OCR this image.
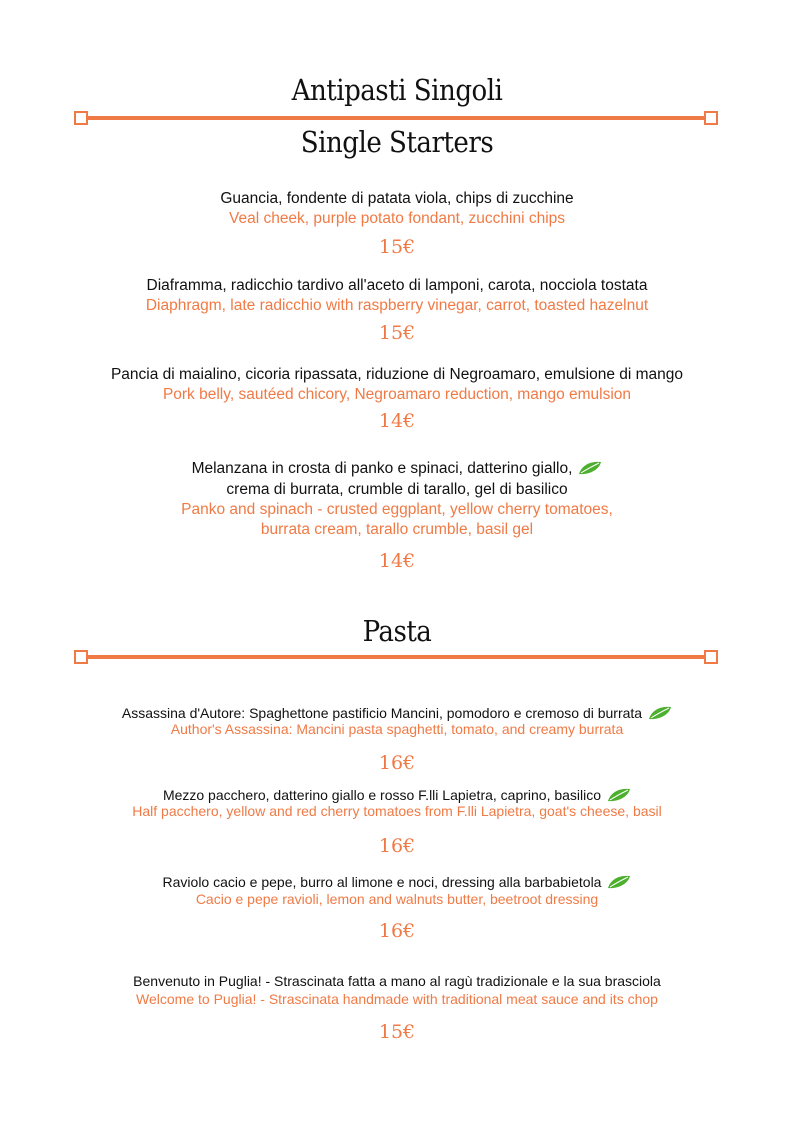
Antipasti Singoli
Single Starters
Guancia, fondente di patata viola, chips di zucchine
Veal cheek, purple potato fondant, zucchini chips
15€
Diaframma, radicchio tardivo all'aceto di lamponi, carota, nocciola tostata
Diaphragm, late radicchio with raspberry vinegar, carrot, toasted hazelnut
15€
Pancia di maialino, cicoria ripassata, riduzione di Negroamaro, emulsione di mango
Pork belly, sautéed chicory, Negroamaro reduction, mango emulsion
14€
Melanzana in crosta di panko e spinaci, datterino giallo,
crema di burrata, crumble di tarallo, gel di basilico
Panko and spinach - crusted eggplant, yellow cherry tomatoes,
burrata cream, tarallo crumble, basil gel
14€
Pasta
Assassina d'Autore: Spaghettone pastificio Mancini, pomodoro e cremoso di burrata
Author's Assassina: Mancini pasta spaghetti, tomato, and creamy burrata
16€
Mezzo pacchero, datterino giallo e rosso F.lli Lapietra, caprino, basilico
Half pacchero, yellow and red cherry tomatoes from F.lli Lapietra, goat's cheese, basil
16€
Raviolo cacio e pepe, burro al limone e noci, dressing alla barbabietola
Cacio e pepe ravioli, lemon and walnuts butter, beetroot dressing
16€
Benvenuto in Puglia! - Strascinata fatta a mano al ragù tradizionale e la sua brasciola
Welcome to Puglia! - Strascinata handmade with traditional meat sauce and its chop
15€
